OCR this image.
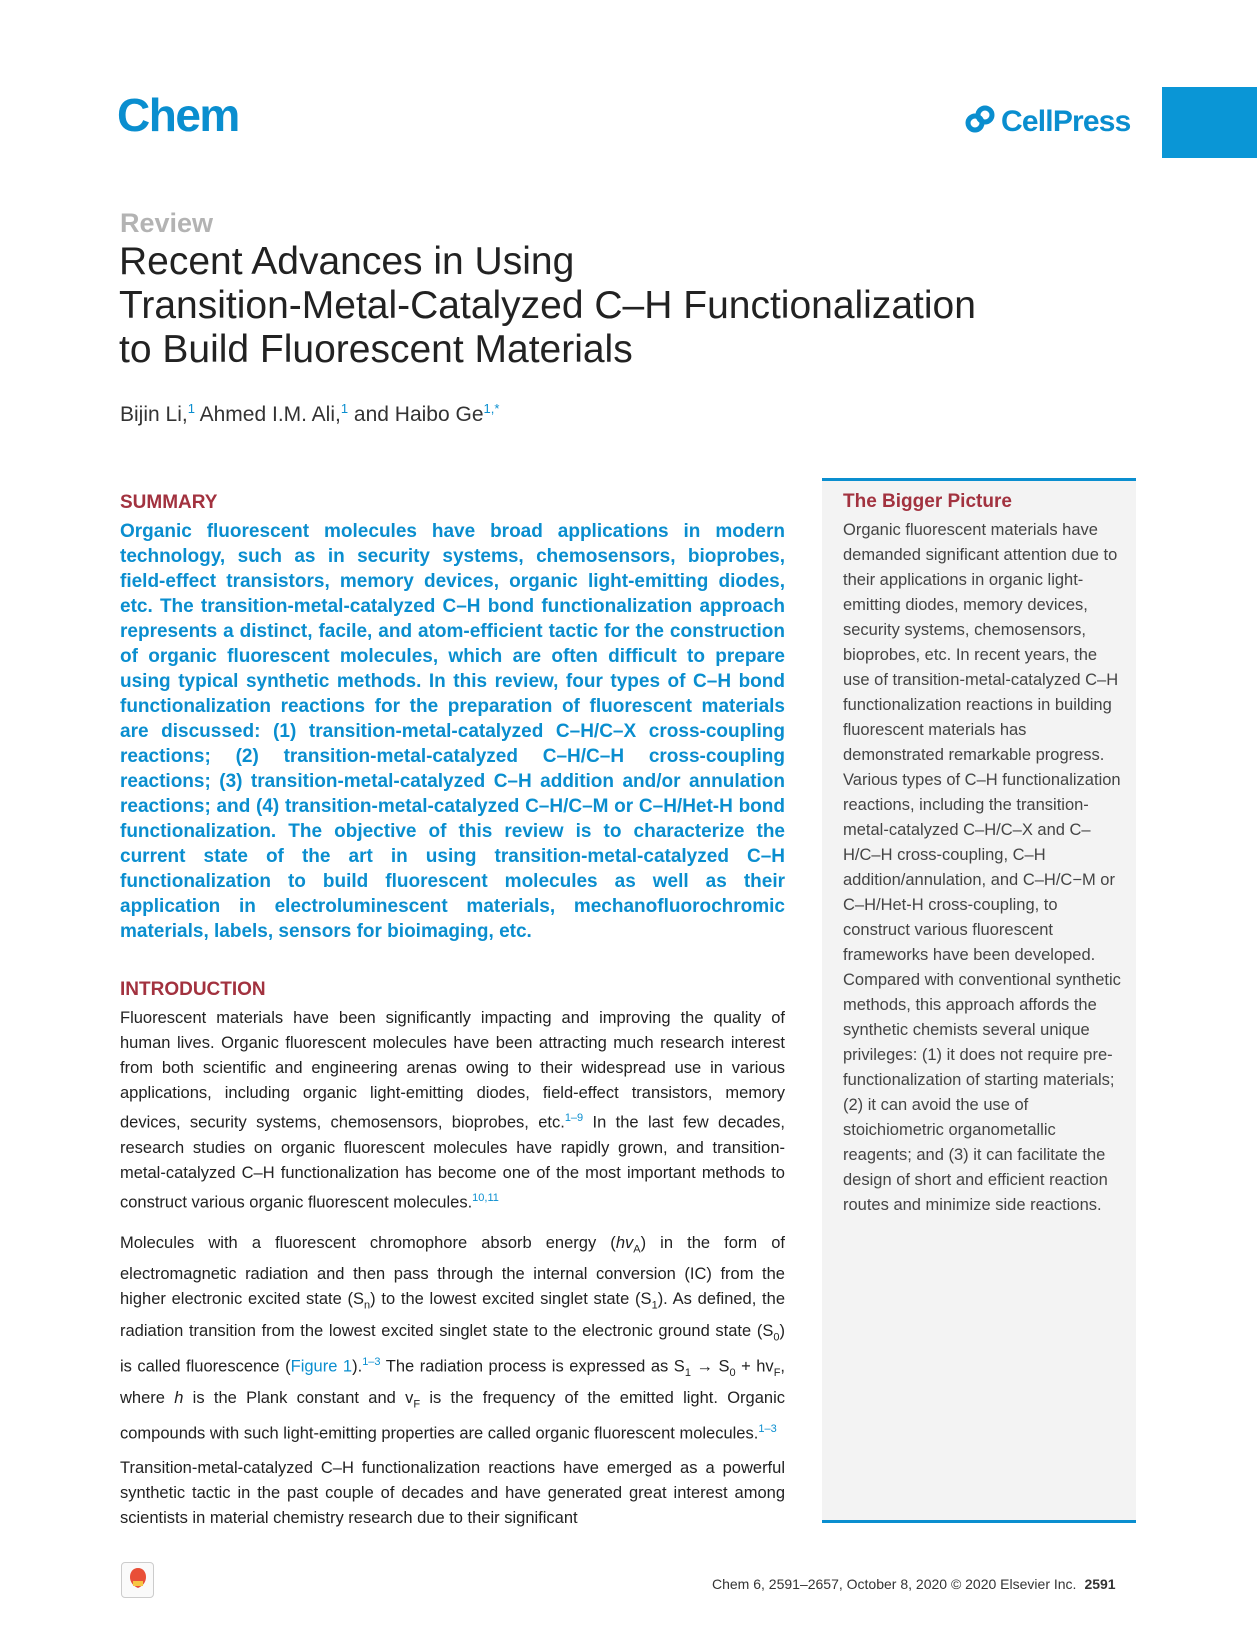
Chem	CellPress
Review
Recent Advances in Using
Transition-Metal-Catalyzed C–H Functionalization
to Build Fluorescent Materials
Bijin Li,$^1$ Ahmed I.M. Ali,$^1$ and Haibo $Ge^{1,*}$
SUMMARY
Organic fluorescent molecules have broad applications in modern technology, such as in security systems, chemosensors, bioprobes, field-effect transistors, memory devices, organic light-emitting diodes, etc. The transition-metal-catalyzed C–H bond functionalization approach represents a distinct, facile, and atom-efficient tactic for the construction of organic fluorescent molecules, which are often difficult to prepare using typical synthetic methods. In this review, four types of C–H bond functionalization reactions for the preparation of fluorescent materials are discussed: (1) transition-metal-catalyzed C–H/C–X cross-coupling reactions; (2) transition-metal-catalyzed C–H/C–H cross-coupling reactions; (3) transition-metal-catalyzed C–H addition and/or annulation reactions; and (4) transition-metal-catalyzed C–H/C–M or C–H/Het-H bond functionalization. The objective of this review is to characterize the current state of the art in using transition-metal-catalyzed C–H functionalization to build fluorescent molecules as well as their application in electroluminescent materials, mechanofluorochromic materials, labels, sensors for bioimaging, etc.
INTRODUCTION
Fluorescent materials have been significantly impacting and improving the quality of human lives. Organic fluorescent molecules have been attracting much research interest from both scientific and engineering arenas owing to their widespread use in various applications, including organic light-emitting diodes, field-effect transistors, memory devices, security systems, chemosensors, bioprobes, etc.$^{1-9}$ In the last few decades, research studies on organic fluorescent molecules have rapidly grown, and transition-metal-catalyzed C–H functionalization has become one of the most important methods to construct various organic fluorescent molecules.$^{10,11}$
Molecules with a fluorescent chromophore absorb energy $(hv_A)$ in the form of electromagnetic radiation and then pass through the internal conversion (IC) from the higher electronic excited state $(S_n)$ to the lowest excited singlet state $(S_1)$. As defined, the radiation transition from the lowest excited singlet state to the electronic ground state $(S_0)$ is called fluorescence (Figure 1).$^{1-3}$ The radiation process is expressed as $S_1 \to S_0 + hv_F$, where h is the Plank constant and $v_F$ is the frequency of the emitted light. Organic compounds with such light-emitting properties are called organic fluorescent molecules.$^{1-3}$
Transition-metal-catalyzed C–H functionalization reactions have emerged as a powerful synthetic tactic in the past couple of decades and have generated great interest among scientists in material chemistry research due to their significant
The Bigger Picture
Organic fluorescent materials have demanded significant attention due to their applications in organic light-emitting diodes, memory devices, security systems, chemosensors, bioprobes, etc. In recent years, the use of transition-metal-catalyzed C–H functionalization reactions in building fluorescent materials has demonstrated remarkable progress. Various types of C–H functionalization reactions, including the transition-metal-catalyzed C–H/C–X and C–H/C–H cross-coupling, C–H addition/annulation, and C–H/C−M or C–H/Het-H cross-coupling, to construct various fluorescent frameworks have been developed. Compared with conventional synthetic methods, this approach affords the synthetic chemists several unique privileges: (1) it does not require pre-functionalization of starting materials; (2) it can avoid the use of stoichiometric organometallic reagents; and (3) it can facilitate the design of short and efficient reaction routes and minimize side reactions.
Chem 6, 2591–2657, October 8, 2020 © 2020 Elsevier Inc. 2591
